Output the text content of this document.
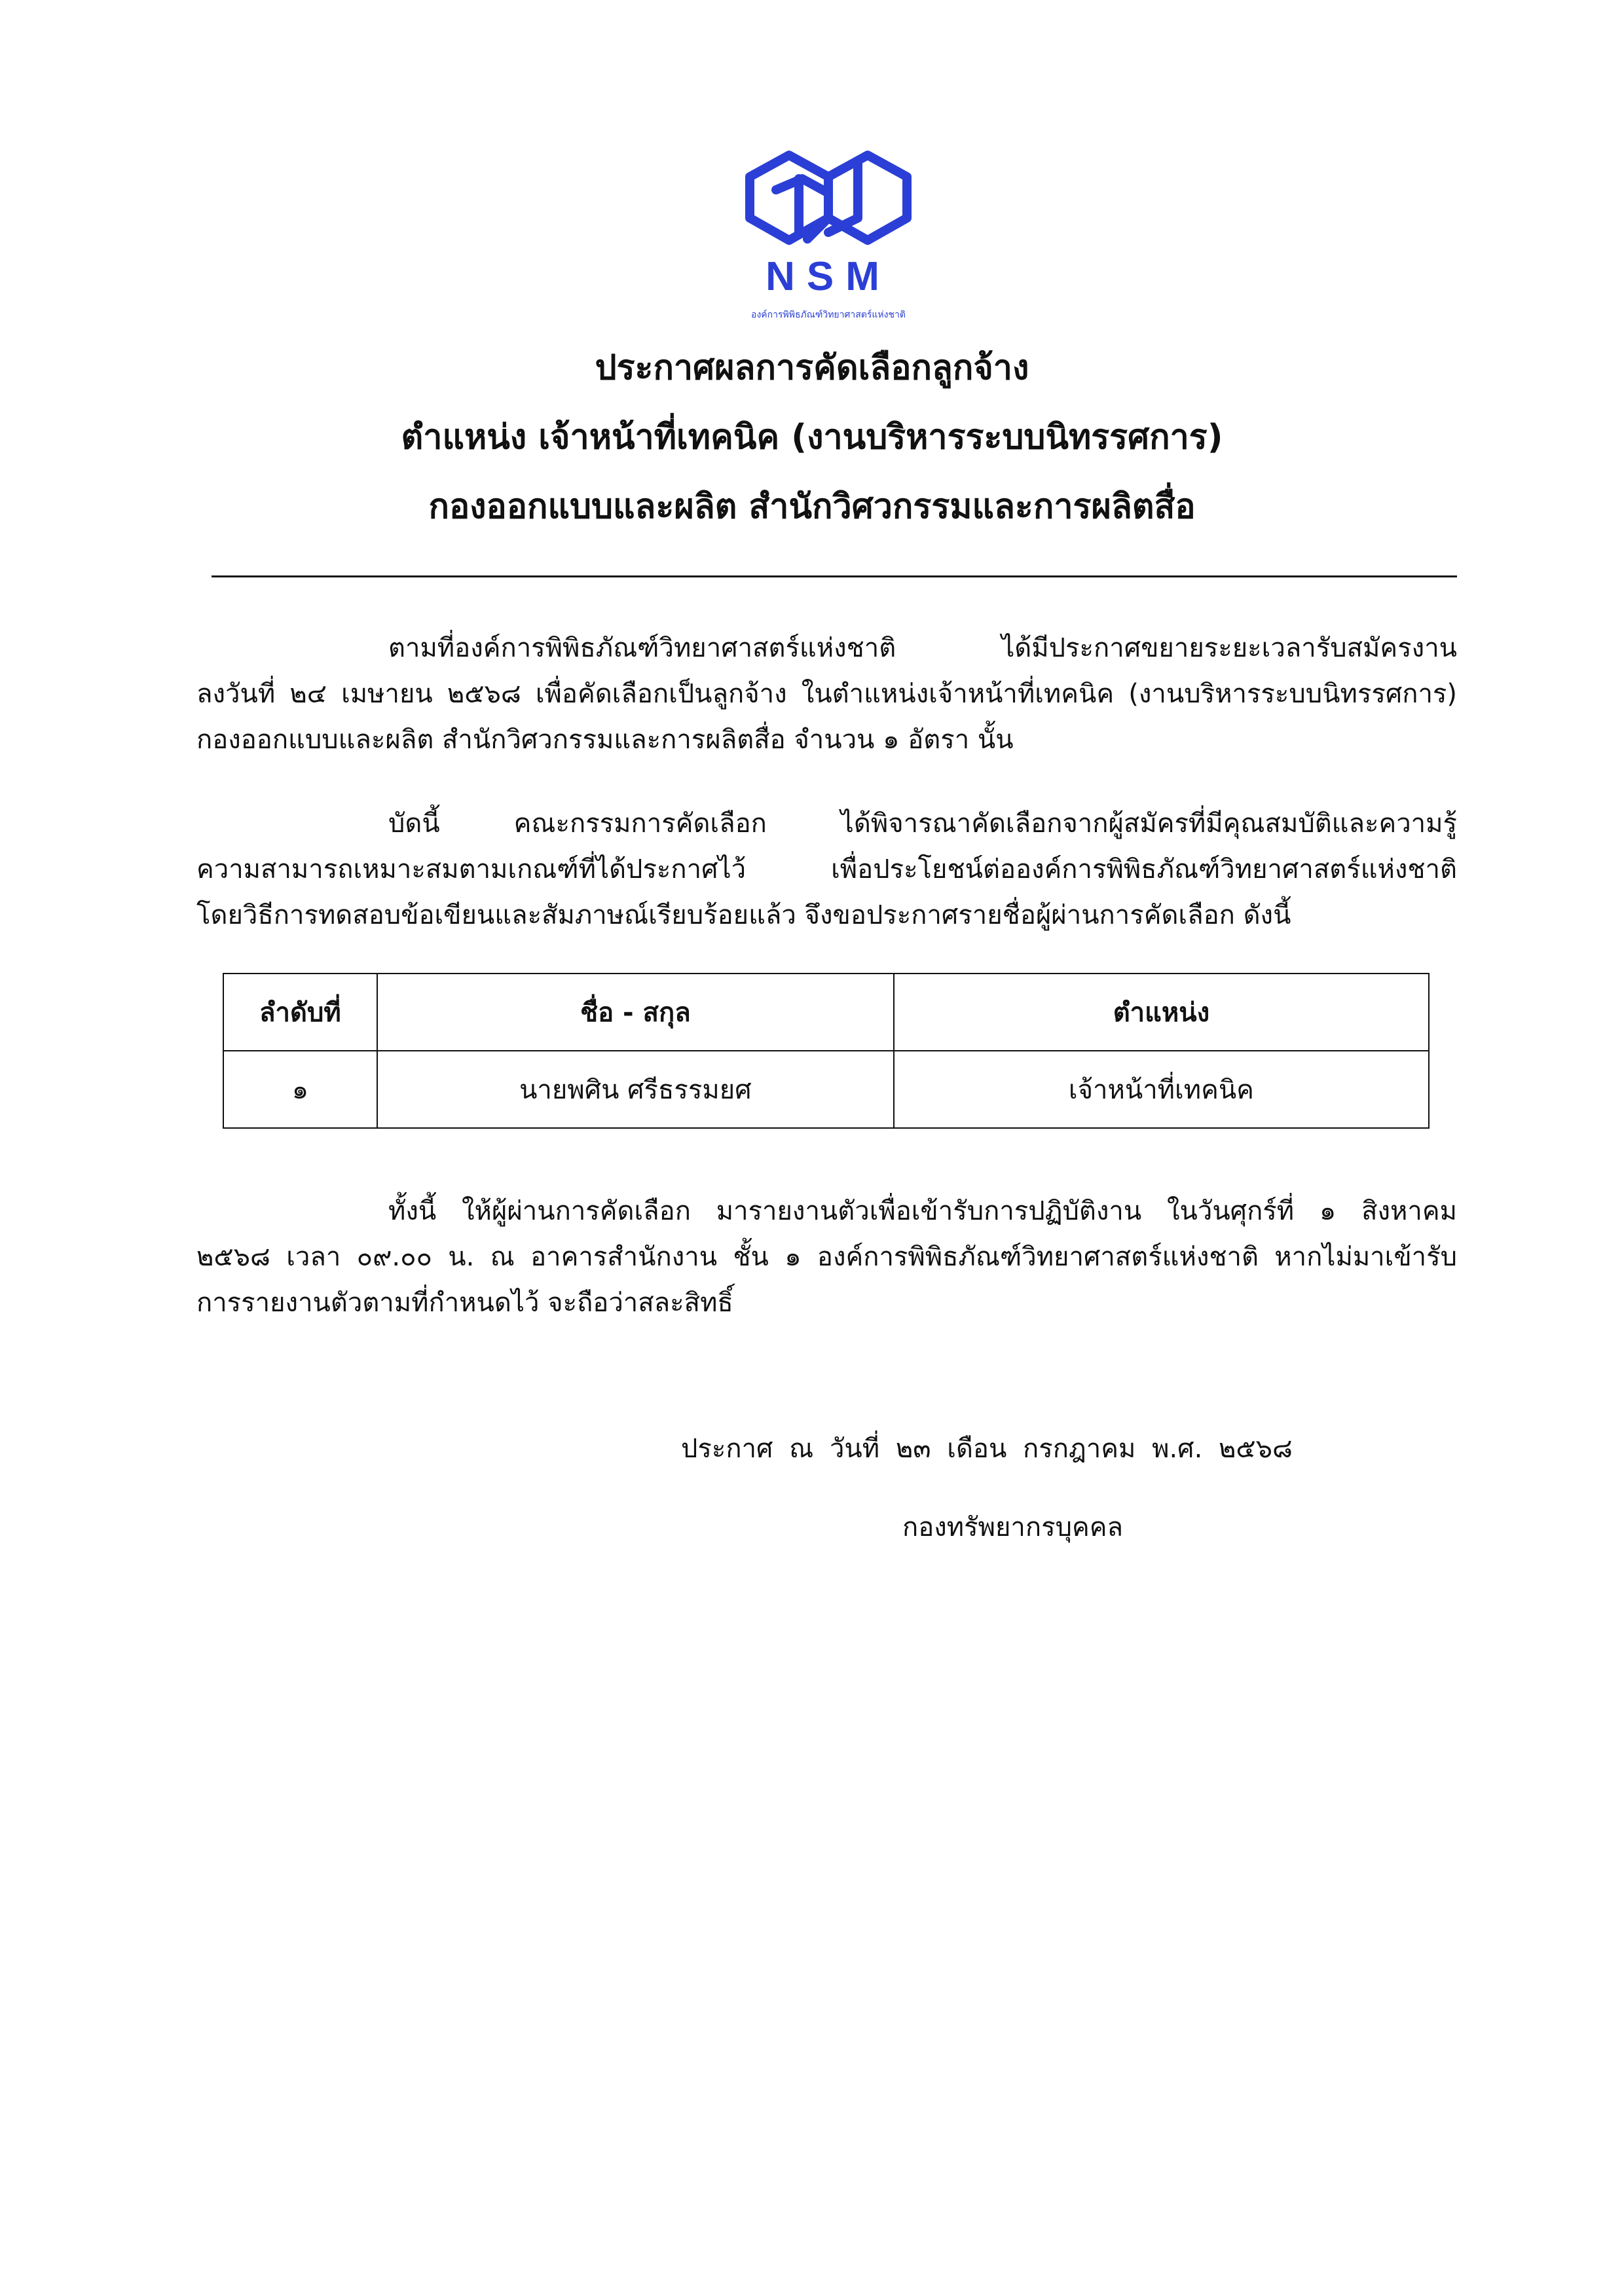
NSM
องค์การพิพิธภัณฑ์วิทยาศาสตร์แห่งชาติ
ประกาศผลการคัดเลือกลูกจ้าง
ตำแหน่ง เจ้าหน้าที่เทคนิค (งานบริหารระบบนิทรรศการ)
กองออกแบบและผลิต สำนักวิศวกรรมและการผลิตสื่อ
ตามที่องค์การพิพิธภัณฑ์วิทยาศาสตร์แห่งชาติ ได้มีประกาศขยายระยะเวลารับสมัครงาน
ลงวันที่ ๒๔ เมษายน ๒๕๖๘ เพื่อคัดเลือกเป็นลูกจ้าง ในตำแหน่งเจ้าหน้าที่เทคนิค (งานบริหารระบบนิทรรศการ)
กองออกแบบและผลิต สำนักวิศวกรรมและการผลิตสื่อ จำนวน ๑ อัตรา นั้น
บัดนี้ คณะกรรมการคัดเลือก ได้พิจารณาคัดเลือกจากผู้สมัครที่มีคุณสมบัติและความรู้
ความสามารถเหมาะสมตามเกณฑ์ที่ได้ประกาศไว้ เพื่อประโยชน์ต่อองค์การพิพิธภัณฑ์วิทยาศาสตร์แห่งชาติ
โดยวิธีการทดสอบข้อเขียนและสัมภาษณ์เรียบร้อยแล้ว จึงขอประกาศรายชื่อผู้ผ่านการคัดเลือก ดังนี้
ลำดับที่	ชื่อ - สกุล	ตำแหน่ง
๑	นายพศิน ศรีธรรมยศ	เจ้าหน้าที่เทคนิค
ทั้งนี้ ให้ผู้ผ่านการคัดเลือก มารายงานตัวเพื่อเข้ารับการปฏิบัติงาน ในวันศุกร์ที่ ๑ สิงหาคม
๒๕๖๘ เวลา ๐๙.๐๐ น. ณ อาคารสำนักงาน ชั้น ๑ องค์การพิพิธภัณฑ์วิทยาศาสตร์แห่งชาติ หากไม่มาเข้ารับ
การรายงานตัวตามที่กำหนดไว้ จะถือว่าสละสิทธิ์
ประกาศ ณ วันที่ ๒๓ เดือน กรกฎาคม พ.ศ. ๒๕๖๘
กองทรัพยากรบุคคล
